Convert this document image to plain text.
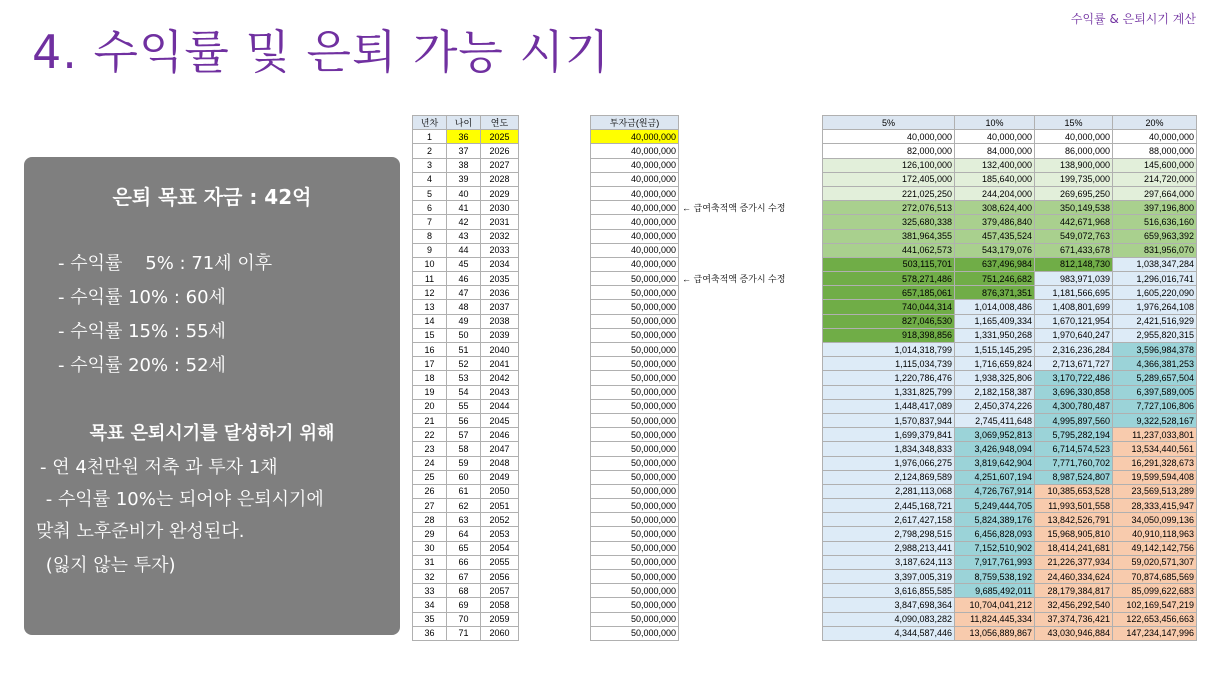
수익률 & 은퇴시기 계산
4. 수익률 및 은퇴 가능 시기
은퇴 목표 자금 : 42억
- 수익률    5% : 71세 이후
- 수익률 10% : 60세
- 수익률 15% : 55세
- 수익률 20% : 52세
목표 은퇴시기를 달성하기 위해
- 연 4천만원 저축 과 투자 1채
- 수익률 10%는 되어야 은퇴시기에
맞춰 노후준비가 완성된다.
(잃지 않는 투자)
년차	나이	연도
1	36	2025
2	37	2026
3	38	2027
4	39	2028
5	40	2029
6	41	2030
7	42	2031
8	43	2032
9	44	2033
10	45	2034
11	46	2035
12	47	2036
13	48	2037
14	49	2038
15	50	2039
16	51	2040
17	52	2041
18	53	2042
19	54	2043
20	55	2044
21	56	2045
22	57	2046
23	58	2047
24	59	2048
25	60	2049
26	61	2050
27	62	2051
28	63	2052
29	64	2053
30	65	2054
31	66	2055
32	67	2056
33	68	2057
34	69	2058
35	70	2059
36	71	2060
투자금(원금)
40,000,000
40,000,000
40,000,000
40,000,000
40,000,000
40,000,000
40,000,000
40,000,000
40,000,000
40,000,000
50,000,000
50,000,000
50,000,000
50,000,000
50,000,000
50,000,000
50,000,000
50,000,000
50,000,000
50,000,000
50,000,000
50,000,000
50,000,000
50,000,000
50,000,000
50,000,000
50,000,000
50,000,000
50,000,000
50,000,000
50,000,000
50,000,000
50,000,000
50,000,000
50,000,000
50,000,000
← 급여축적액 증가시 수정
← 급여축적액 증가시 수정
5%	10%	15%	20%
40,000,000	40,000,000	40,000,000	40,000,000
82,000,000	84,000,000	86,000,000	88,000,000
126,100,000	132,400,000	138,900,000	145,600,000
172,405,000	185,640,000	199,735,000	214,720,000
221,025,250	244,204,000	269,695,250	297,664,000
272,076,513	308,624,400	350,149,538	397,196,800
325,680,338	379,486,840	442,671,968	516,636,160
381,964,355	457,435,524	549,072,763	659,963,392
441,062,573	543,179,076	671,433,678	831,956,070
503,115,701	637,496,984	812,148,730	1,038,347,284
578,271,486	751,246,682	983,971,039	1,296,016,741
657,185,061	876,371,351	1,181,566,695	1,605,220,090
740,044,314	1,014,008,486	1,408,801,699	1,976,264,108
827,046,530	1,165,409,334	1,670,121,954	2,421,516,929
918,398,856	1,331,950,268	1,970,640,247	2,955,820,315
1,014,318,799	1,515,145,295	2,316,236,284	3,596,984,378
1,115,034,739	1,716,659,824	2,713,671,727	4,366,381,253
1,220,786,476	1,938,325,806	3,170,722,486	5,289,657,504
1,331,825,799	2,182,158,387	3,696,330,858	6,397,589,005
1,448,417,089	2,450,374,226	4,300,780,487	7,727,106,806
1,570,837,944	2,745,411,648	4,995,897,560	9,322,528,167
1,699,379,841	3,069,952,813	5,795,282,194	11,237,033,801
1,834,348,833	3,426,948,094	6,714,574,523	13,534,440,561
1,976,066,275	3,819,642,904	7,771,760,702	16,291,328,673
2,124,869,589	4,251,607,194	8,987,524,807	19,599,594,408
2,281,113,068	4,726,767,914	10,385,653,528	23,569,513,289
2,445,168,721	5,249,444,705	11,993,501,558	28,333,415,947
2,617,427,158	5,824,389,176	13,842,526,791	34,050,099,136
2,798,298,515	6,456,828,093	15,968,905,810	40,910,118,963
2,988,213,441	7,152,510,902	18,414,241,681	49,142,142,756
3,187,624,113	7,917,761,993	21,226,377,934	59,020,571,307
3,397,005,319	8,759,538,192	24,460,334,624	70,874,685,569
3,616,855,585	9,685,492,011	28,179,384,817	85,099,622,683
3,847,698,364	10,704,041,212	32,456,292,540	102,169,547,219
4,090,083,282	11,824,445,334	37,374,736,421	122,653,456,663
4,344,587,446	13,056,889,867	43,030,946,884	147,234,147,996
